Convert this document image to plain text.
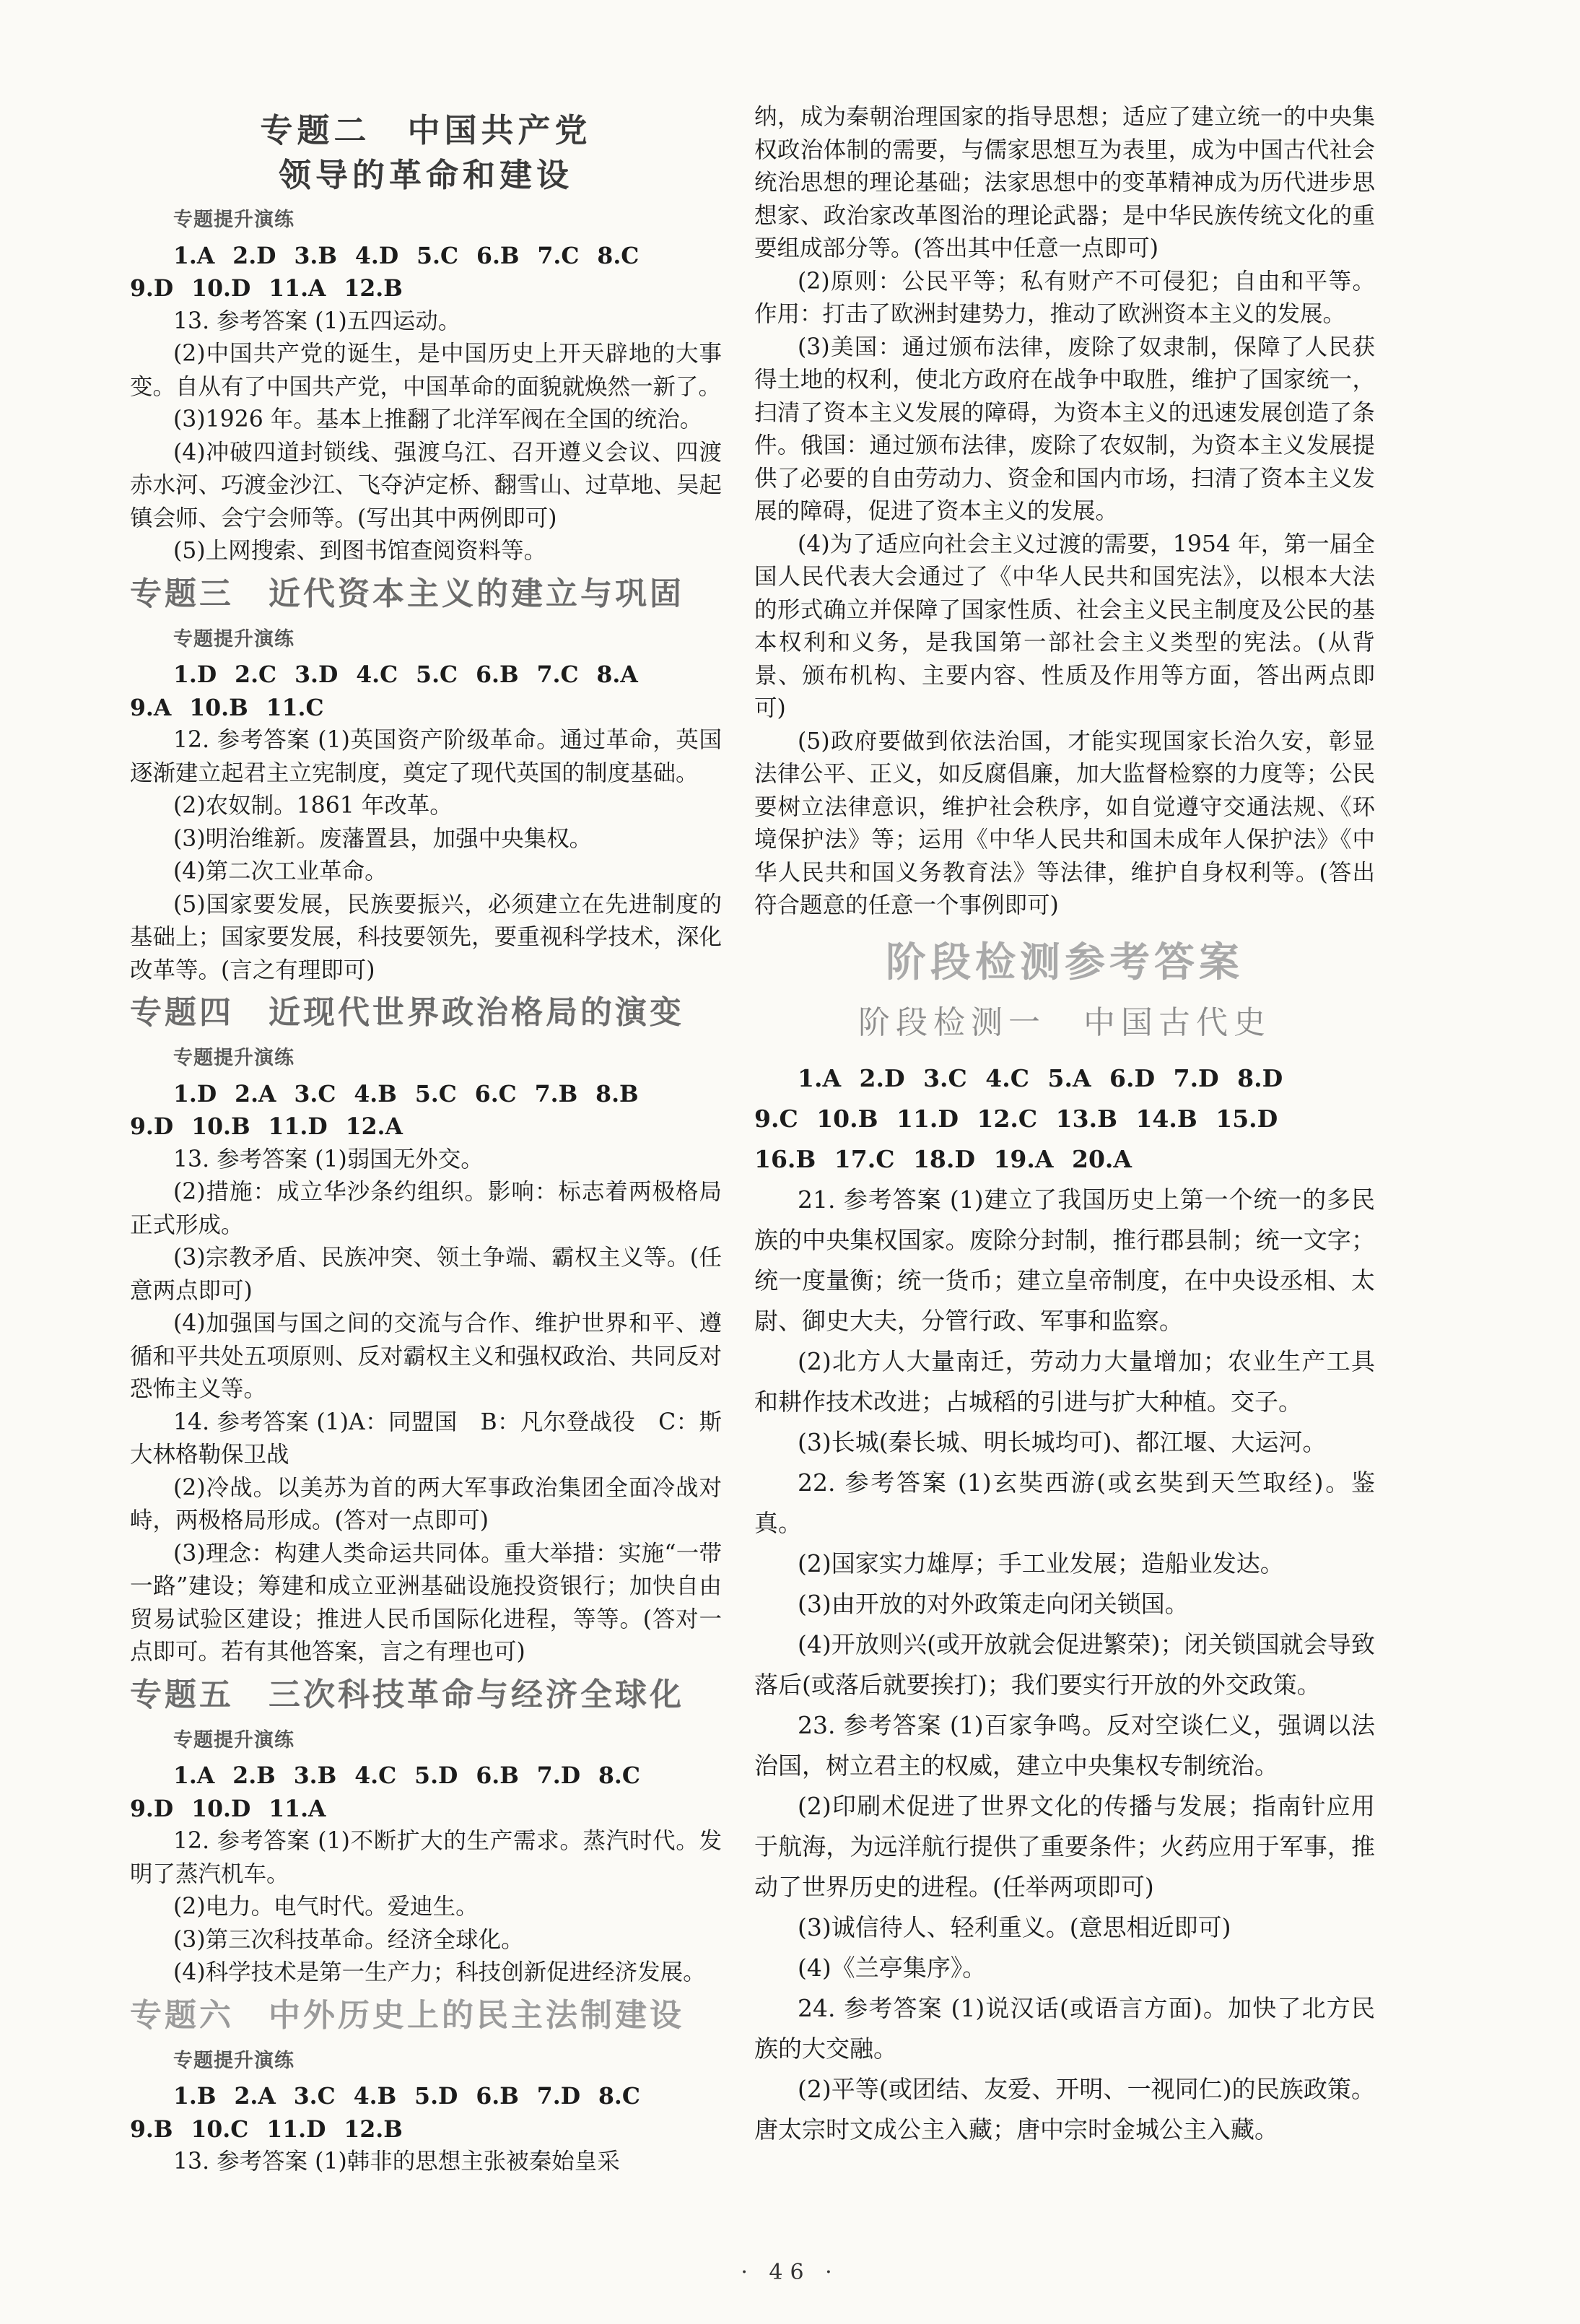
专题二　中国共产党
领导的革命和建设
专题提升演练

1.A 2.D 3.B 4.D 5.C 6.B 7.C 8.C

9.D 10.D 11.A 12.B

13. 参考答案 (1)五四运动。

(2)中国共产党的诞生，是中国历史上开天辟地的大事变。自从有了中国共产党，中国革命的面貌就焕然一新了。

(3)1926 年。基本上推翻了北洋军阀在全国的统治。

(4)冲破四道封锁线、强渡乌江、召开遵义会议、四渡赤水河、巧渡金沙江、飞夺泸定桥、翻雪山、过草地、吴起镇会师、会宁会师等。(写出其中两例即可)

(5)上网搜索、到图书馆查阅资料等。

专题三　近代资本主义的建立与巩固
专题提升演练

1.D 2.C 3.D 4.C 5.C 6.B 7.C 8.A

9.A 10.B 11.C

12. 参考答案 (1)英国资产阶级革命。通过革命，英国逐渐建立起君主立宪制度，奠定了现代英国的制度基础。

(2)农奴制。1861 年改革。

(3)明治维新。废藩置县，加强中央集权。

(4)第二次工业革命。

(5)国家要发展，民族要振兴，必须建立在先进制度的基础上；国家要发展，科技要领先，要重视科学技术，深化改革等。(言之有理即可)

专题四　近现代世界政治格局的演变
专题提升演练

1.D 2.A 3.C 4.B 5.C 6.C 7.B 8.B

9.D 10.B 11.D 12.A

13. 参考答案 (1)弱国无外交。

(2)措施：成立华沙条约组织。影响：标志着两极格局正式形成。

(3)宗教矛盾、民族冲突、领土争端、霸权主义等。(任意两点即可)

(4)加强国与国之间的交流与合作、维护世界和平、遵循和平共处五项原则、反对霸权主义和强权政治、共同反对恐怖主义等。

14. 参考答案 (1)A：同盟国　B：凡尔登战役　C：斯大林格勒保卫战

(2)冷战。以美苏为首的两大军事政治集团全面冷战对峙，两极格局形成。(答对一点即可)

(3)理念：构建人类命运共同体。重大举措：实施“一带一路”建设；筹建和成立亚洲基础设施投资银行；加快自由贸易试验区建设；推进人民币国际化进程，等等。(答对一点即可。若有其他答案，言之有理也可)

专题五　三次科技革命与经济全球化
专题提升演练

1.A 2.B 3.B 4.C 5.D 6.B 7.D 8.C

9.D 10.D 11.A

12. 参考答案 (1)不断扩大的生产需求。蒸汽时代。发明了蒸汽机车。

(2)电力。电气时代。爱迪生。

(3)第三次科技革命。经济全球化。

(4)科学技术是第一生产力；科技创新促进经济发展。

专题六　中外历史上的民主法制建设
专题提升演练

1.B 2.A 3.C 4.B 5.D 6.B 7.D 8.C

9.B 10.C 11.D 12.B

13. 参考答案 (1)韩非的思想主张被秦始皇采

纳，成为秦朝治理国家的指导思想；适应了建立统一的中央集权政治体制的需要，与儒家思想互为表里，成为中国古代社会统治思想的理论基础；法家思想中的变革精神成为历代进步思想家、政治家改革图治的理论武器；是中华民族传统文化的重要组成部分等。(答出其中任意一点即可)

(2)原则：公民平等；私有财产不可侵犯；自由和平等。作用：打击了欧洲封建势力，推动了欧洲资本主义的发展。

(3)美国：通过颁布法律，废除了奴隶制，保障了人民获得土地的权利，使北方政府在战争中取胜，维护了国家统一，扫清了资本主义发展的障碍，为资本主义的迅速发展创造了条件。俄国：通过颁布法律，废除了农奴制，为资本主义发展提供了必要的自由劳动力、资金和国内市场，扫清了资本主义发展的障碍，促进了资本主义的发展。

(4)为了适应向社会主义过渡的需要，1954 年，第一届全国人民代表大会通过了《中华人民共和国宪法》，以根本大法的形式确立并保障了国家性质、社会主义民主制度及公民的基本权利和义务，是我国第一部社会主义类型的宪法。(从背景、颁布机构、主要内容、性质及作用等方面，答出两点即可)

(5)政府要做到依法治国，才能实现国家长治久安，彰显法律公平、正义，如反腐倡廉，加大监督检察的力度等；公民要树立法律意识，维护社会秩序，如自觉遵守交通法规、《环境保护法》等；运用《中华人民共和国未成年人保护法》《中华人民共和国义务教育法》等法律，维护自身权利等。(答出符合题意的任意一个事例即可)

阶段检测参考答案
阶段检测一　中国古代史

1.A 2.D 3.C 4.C 5.A 6.D 7.D 8.D

9.C 10.B 11.D 12.C 13.B 14.B 15.D

16.B 17.C 18.D 19.A 20.A

21. 参考答案 (1)建立了我国历史上第一个统一的多民族的中央集权国家。废除分封制，推行郡县制；统一文字；统一度量衡；统一货币；建立皇帝制度，在中央设丞相、太尉、御史大夫，分管行政、军事和监察。

(2)北方人大量南迁，劳动力大量增加；农业生产工具和耕作技术改进；占城稻的引进与扩大种植。交子。

(3)长城(秦长城、明长城均可)、都江堰、大运河。

22. 参考答案 (1)玄奘西游(或玄奘到天竺取经)。鉴真。

(2)国家实力雄厚；手工业发展；造船业发达。

(3)由开放的对外政策走向闭关锁国。

(4)开放则兴(或开放就会促进繁荣)；闭关锁国就会导致落后(或落后就要挨打)；我们要实行开放的外交政策。

23. 参考答案 (1)百家争鸣。反对空谈仁义，强调以法治国，树立君主的权威，建立中央集权专制统治。

(2)印刷术促进了世界文化的传播与发展；指南针应用于航海，为远洋航行提供了重要条件；火药应用于军事，推动了世界历史的进程。(任举两项即可)

(3)诚信待人、轻利重义。(意思相近即可)

(4)《兰亭集序》。

24. 参考答案 (1)说汉话(或语言方面)。加快了北方民族的大交融。

(2)平等(或团结、友爱、开明、一视同仁)的民族政策。唐太宗时文成公主入藏；唐中宗时金城公主入藏。

· 46 ·
